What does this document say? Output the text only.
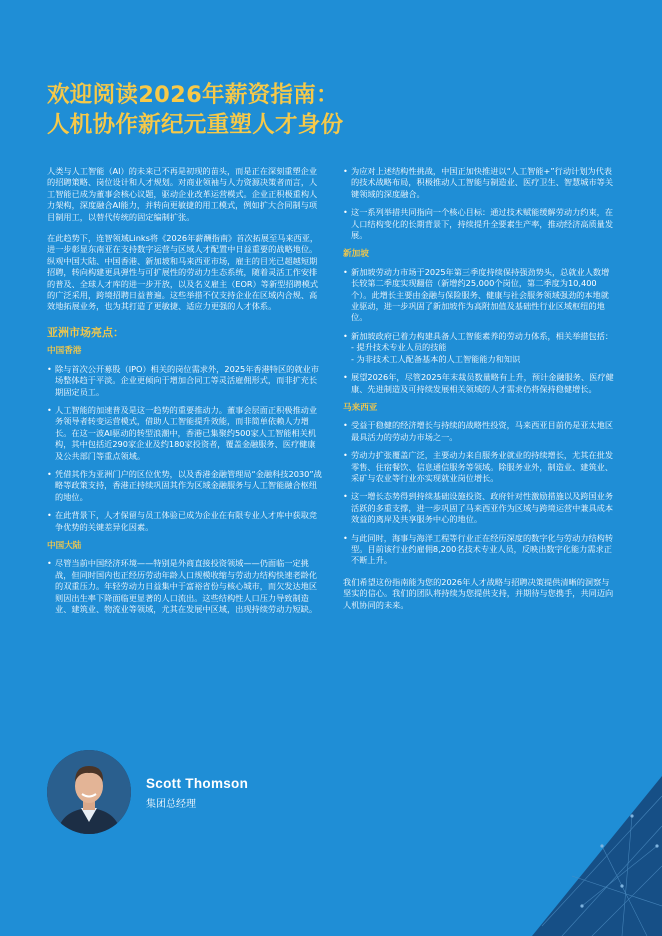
欢迎阅读2026年薪资指南：
人机协作新纪元重塑人才身份

人类与人工智能（AI）的未来已不再是初现的苗头，而是正在深刻重塑企业的招聘策略、岗位设计和人才规划。对商业领袖与人力资源决策者而言，人工智能已成为董事会核心议题，驱动企业改革运营模式。企业正积极重构人力架构，深度融合AI能力，并转向更敏捷的用工模式，例如扩大合同制与项目制用工，以替代传统的固定编制扩张。

在此趋势下，连智领域Links将《2026年薪酬指南》首次拓展至马来西亚，进一步彰显东南亚在支持数字运营与区域人才配置中日益重要的战略地位。纵观中国大陆、中国香港、新加坡和马来西亚市场，雇主的目光已超越短期招聘，转向构建更具弹性与可扩展性的劳动力生态系统，随着灵活工作安排的普及、全球人才库的进一步开放，以及名义雇主（EOR）等新型招聘模式的广泛采用，跨境招聘日益普遍。这些举措不仅支持企业在区域内合规、高效地拓展业务，也为其打造了更敏捷、适应力更强的人才体系。

亚洲市场亮点：
中国香港
• 除与首次公开募股（IPO）相关的岗位需求外，2025年香港特区的就业市场整体趋于平淡。企业更倾向于增加合同工等灵活雇佣形式，而非扩充长期固定员工。
• 人工智能的加速普及是这一趋势的重要推动力。董事会层面正积极推动业务领导者转变运营模式，借助人工智能提升效能，而非简单依赖人力增长。在这一波AI驱动的转型浪潮中，香港已集聚约500家人工智能相关机构，其中包括近290家企业及约180家投资者，覆盖金融服务、医疗健康及公共部门等重点领域。
• 凭借其作为亚洲门户的区位优势，以及香港金融管理局“金融科技2030”战略等政策支持，香港正持续巩固其作为区域金融服务与人工智能融合枢纽的地位。
• 在此背景下，人才保留与员工体验已成为企业在有限专业人才库中获取竞争优势的关键差异化因素。
中国大陆
• 尽管当前中国经济环境——特别是外商直接投资领域——仍面临一定挑战，但同时国内也正经历劳动年龄人口规模收缩与劳动力结构快速老龄化的双重压力。年轻劳动力日益集中于富裕省份与核心城市，而欠发达地区则因出生率下降面临更显著的人口流出。这些结构性人口压力导致制造业、建筑业、物流业等领域，尤其在发展中区域，出现持续劳动力短缺。
• 为应对上述结构性挑战，中国正加快推进以“人工智能+”行动计划为代表的技术战略布局，积极推动人工智能与制造业、医疗卫生、智慧城市等关键领域的深度融合。
• 这一系列举措共同指向一个核心目标：通过技术赋能缓解劳动力约束，在人口结构变化的长期背景下，持续提升全要素生产率，推动经济高质量发展。
新加坡
• 新加坡劳动力市场于2025年第三季度持续保持强劲势头，总就业人数增长较第二季度实现翻倍（新增约25,000个岗位，第二季度为10,400个）。此增长主要由金融与保险服务、健康与社会服务领域强劲的本地就业驱动，进一步巩固了新加坡作为高附加值及基础性行业区域枢纽的地位。
• 新加坡政府已着力构建具备人工智能素养的劳动力体系，相关举措包括：
- 提升技术专业人员的技能
- 为非技术工人配备基本的人工智能能力和知识
• 展望2026年，尽管2025年末裁员数量略有上升，预计金融服务、医疗健康、先进制造及可持续发展相关领域的人才需求仍将保持稳健增长。
马来西亚
• 受益于稳健的经济增长与持续的战略性投资，马来西亚目前仍是亚太地区最具活力的劳动力市场之一。
• 劳动力扩张覆盖广泛，主要动力来自服务业就业的持续增长，尤其在批发零售、住宿餐饮、信息通信服务等领域。除服务业外，制造业、建筑业、采矿与农业等行业亦实现就业岗位增长。
• 这一增长态势得到持续基础设施投资、政府针对性激励措施以及跨国业务活跃的多重支撑，进一步巩固了马来西亚作为区域与跨境运营中兼具成本效益的离岸及共享服务中心的地位。
• 与此同时，海事与海洋工程等行业正在经历深度的数字化与劳动力结构转型。目前该行业约雇佣8,200名技术专业人员，反映出数字化能力需求正不断上升。

我们希望这份指南能为您的2026年人才战略与招聘决策提供清晰的洞察与坚实的信心。我们的团队将持续为您提供支持，并期待与您携手，共同迈向人机协同的未来。

Scott Thomson
集团总经理
